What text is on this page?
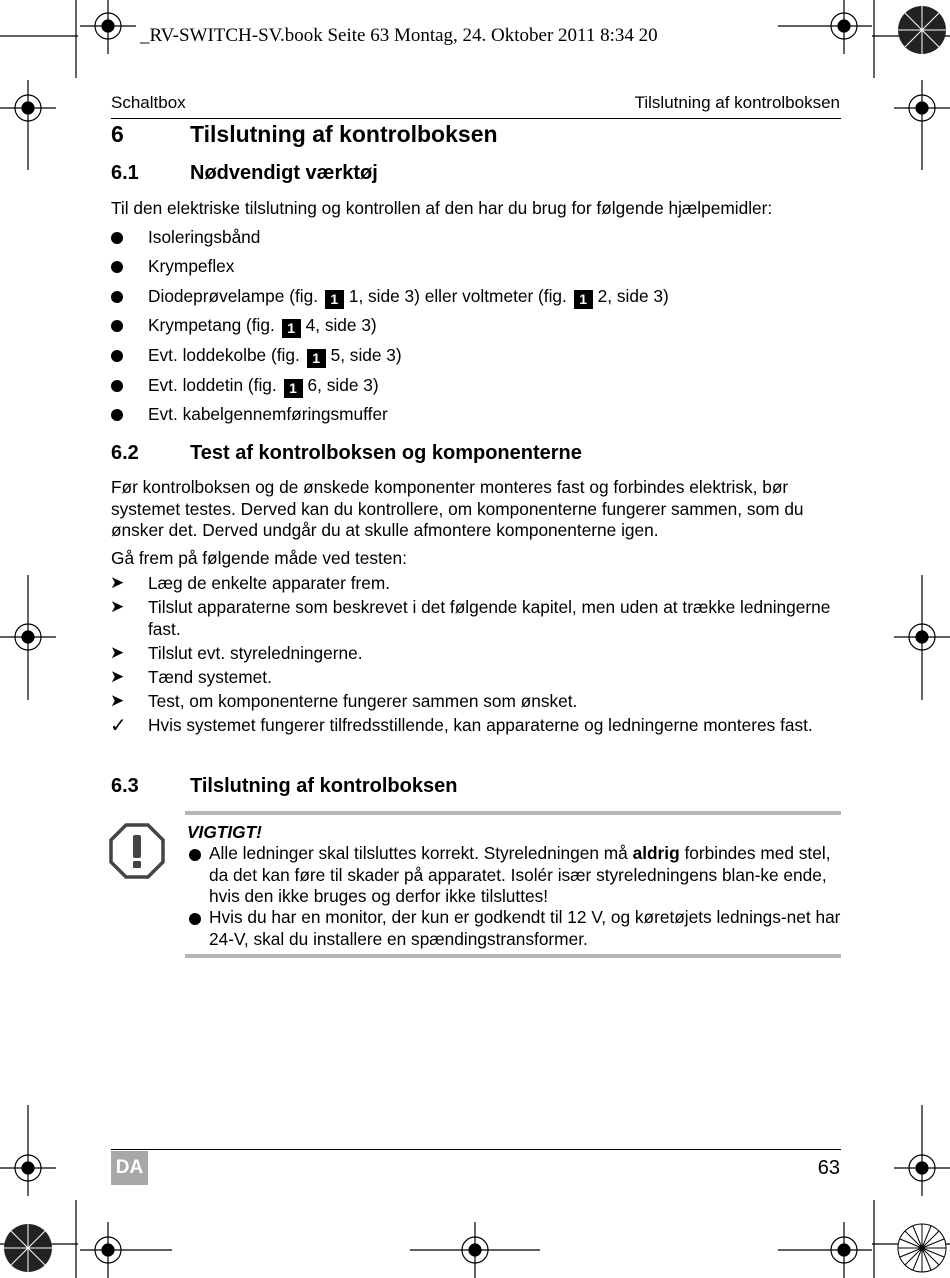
_RV-SWITCH-SV.book Seite 63 Montag, 24. Oktober 2011 8:34 20
Schaltbox	Tilslutning af kontrolboksen
6	Tilslutning af kontrolboksen
6.1	Nødvendigt værktøj
Til den elektriske tilslutning og kontrollen af den har du brug for følgende hjælpemidler:
Isoleringsbånd
Krympeflex
Diodeprøvelampe (fig. 1 1, side 3) eller voltmeter (fig. 1 2, side 3)
Krympetang (fig. 1 4, side 3)
Evt. loddekolbe (fig. 1 5, side 3)
Evt. loddetin (fig. 1 6, side 3)
Evt. kabelgennemføringsmuffer
6.2	Test af kontrolboksen og komponenterne
Før kontrolboksen og de ønskede komponenter monteres fast og forbindes elektrisk, bør systemet testes. Derved kan du kontrollere, om komponenterne fungerer sammen, som du ønsker det. Derved undgår du at skulle afmontere komponenterne igen.
Gå frem på følgende måde ved testen:
➤	Læg de enkelte apparater frem.
➤	Tilslut apparaterne som beskrevet i det følgende kapitel, men uden at trække ledningerne fast.
➤	Tilslut evt. styreledningerne.
➤	Tænd systemet.
➤	Test, om komponenterne fungerer sammen som ønsket.
✓	Hvis systemet fungerer tilfredsstillende, kan apparaterne og ledningerne monteres fast.
6.3	Tilslutning af kontrolboksen
VIGTIGT!
Alle ledninger skal tilsluttes korrekt. Styreledningen må aldrig forbindes med stel, da det kan føre til skader på apparatet. Isolér især styreledningens blan-ke ende, hvis den ikke bruges og derfor ikke tilsluttes!
Hvis du har en monitor, der kun er godkendt til 12 V, og køretøjets lednings-net har 24-V, skal du installere en spændingstransformer.
DA	63
